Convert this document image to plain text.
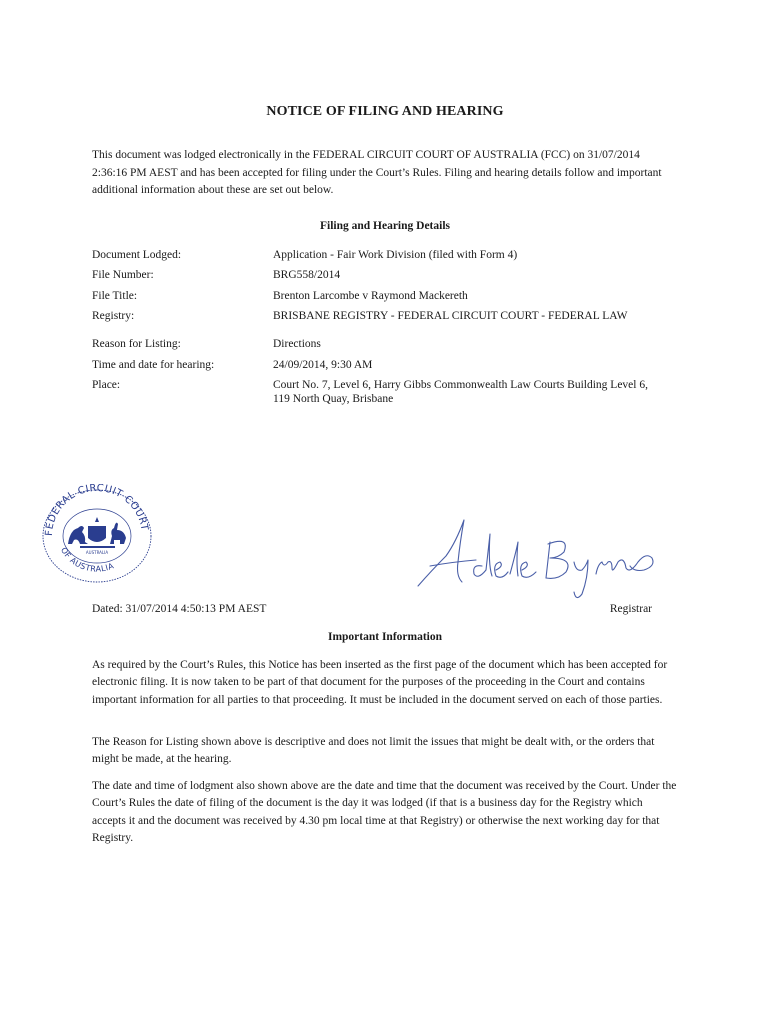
NOTICE OF FILING AND HEARING

This document was lodged electronically in the FEDERAL CIRCUIT COURT OF AUSTRALIA (FCC) on 31/07/2014 2:36:16 PM AEST and has been accepted for filing under the Court’s Rules. Filing and hearing details follow and important additional information about these are set out below.

Filing and Hearing Details
Document Lodged:	Application - Fair Work Division (filed with Form 4)
File Number:	BRG558/2014
File Title:	Brenton Larcombe v Raymond Mackereth
Registry:	BRISBANE REGISTRY - FEDERAL CIRCUIT COURT - FEDERAL LAW
Reason for Listing:	Directions
Time and date for hearing:	24/09/2014, 9:30 AM
Place:	Court No. 7, Level 6, Harry Gibbs Commonwealth Law Courts Building Level 6, 119 North Quay, Brisbane
FEDERAL CIRCUIT COURT
OF AUSTRALIA
AUSTRALIA
Dated: 31/07/2014 4:50:13 PM AEST	Registrar
Important Information

As required by the Court’s Rules, this Notice has been inserted as the first page of the document which has been accepted for electronic filing. It is now taken to be part of that document for the purposes of the proceeding in the Court and contains important information for all parties to that proceeding. It must be included in the document served on each of those parties.

The Reason for Listing shown above is descriptive and does not limit the issues that might be dealt with, or the orders that might be made, at the hearing.

The date and time of lodgment also shown above are the date and time that the document was received by the Court. Under the Court’s Rules the date of filing of the document is the day it was lodged (if that is a business day for the Registry which accepts it and the document was received by 4.30 pm local time at that Registry) or otherwise the next working day for that Registry.
